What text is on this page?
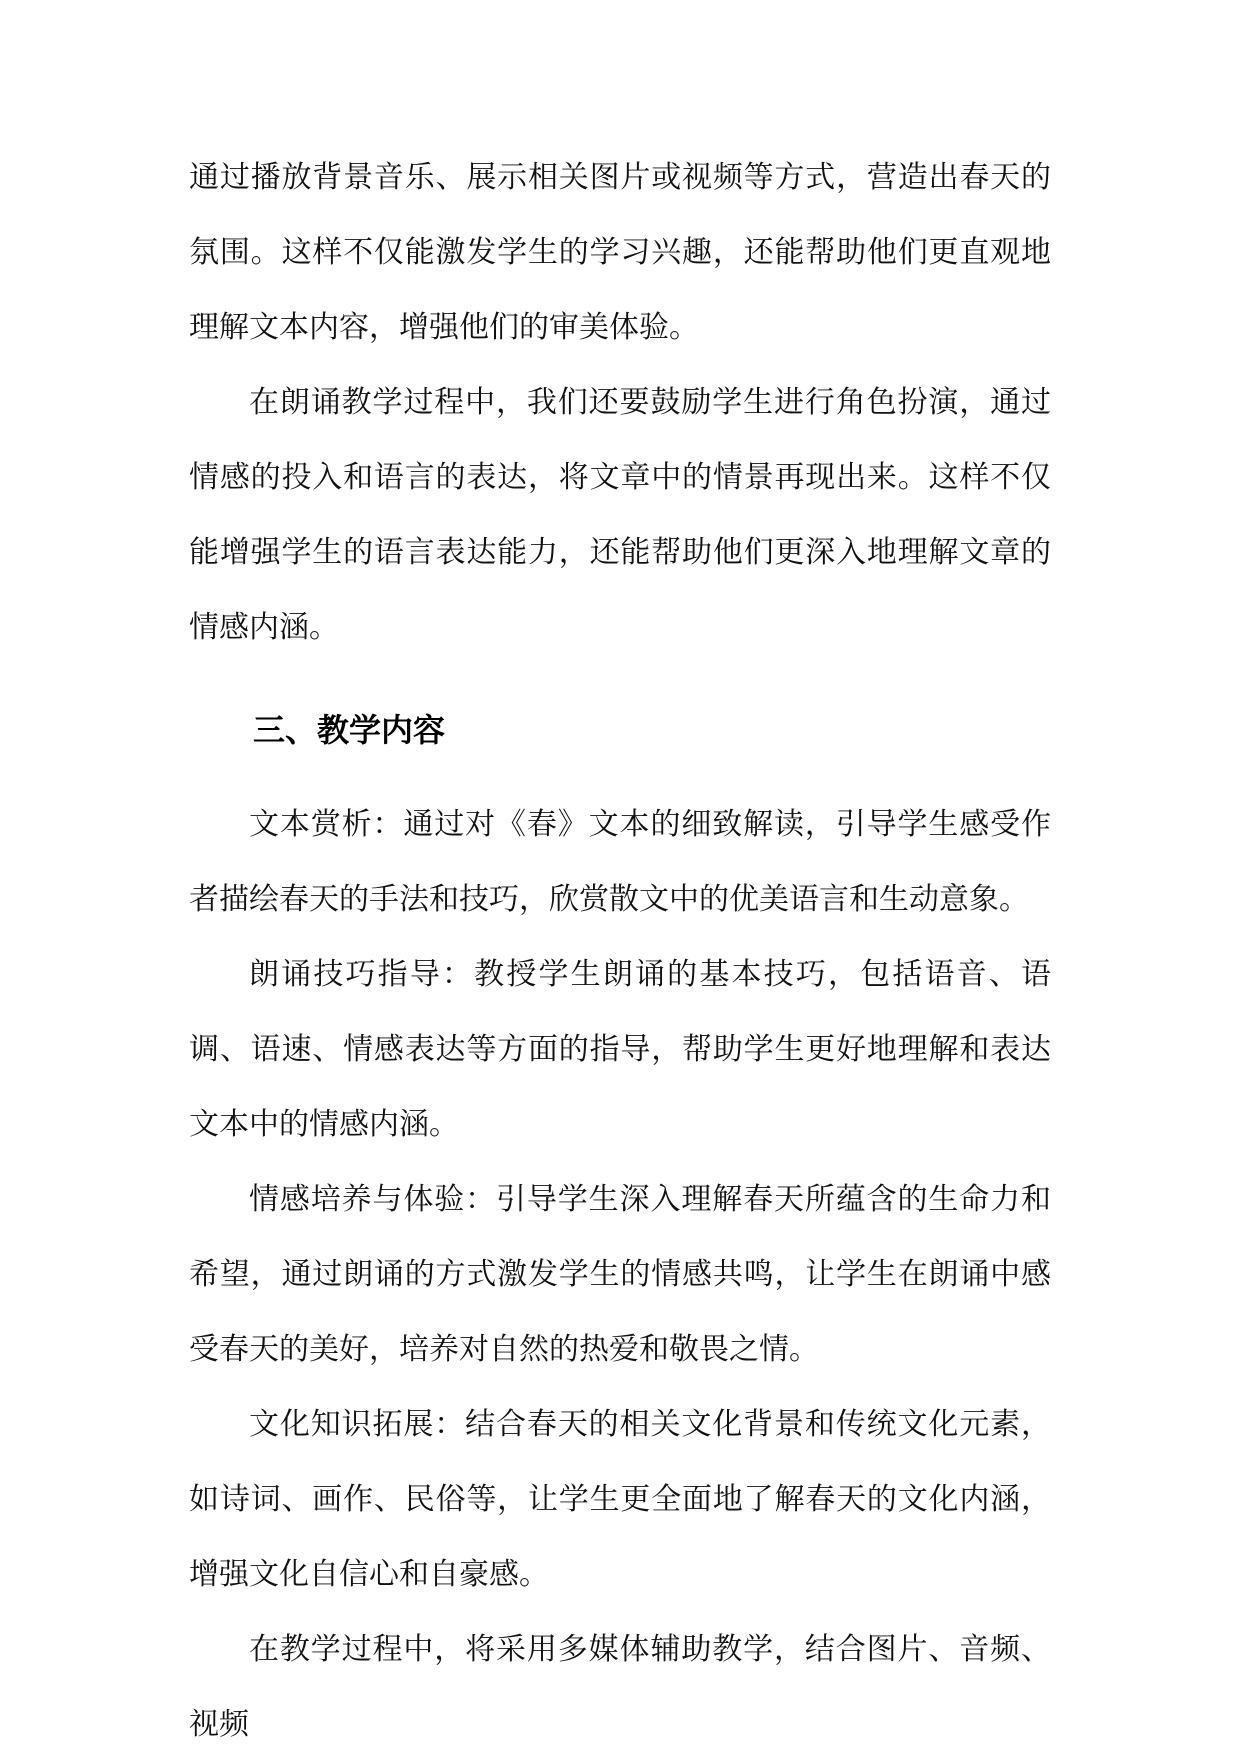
通过播放背景音乐、展示相关图片或视频等方式，营造出春天的氛围。这样不仅能激发学生的学习兴趣，还能帮助他们更直观地理解文本内容，增强他们的审美体验。

在朗诵教学过程中，我们还要鼓励学生进行角色扮演，通过情感的投入和语言的表达，将文章中的情景再现出来。这样不仅能增强学生的语言表达能力，还能帮助他们更深入地理解文章的情感内涵。

三、教学内容

文本赏析：通过对《春》文本的细致解读，引导学生感受作者描绘春天的手法和技巧，欣赏散文中的优美语言和生动意象。

朗诵技巧指导：教授学生朗诵的基本技巧，包括语音、语调、语速、情感表达等方面的指导，帮助学生更好地理解和表达文本中的情感内涵。

情感培养与体验：引导学生深入理解春天所蕴含的生命力和希望，通过朗诵的方式激发学生的情感共鸣，让学生在朗诵中感受春天的美好，培养对自然的热爱和敬畏之情。

文化知识拓展：结合春天的相关文化背景和传统文化元素，如诗词、画作、民俗等，让学生更全面地了解春天的文化内涵，增强文化自信心和自豪感。

在教学过程中，将采用多媒体辅助教学，结合图片、音频、视频
